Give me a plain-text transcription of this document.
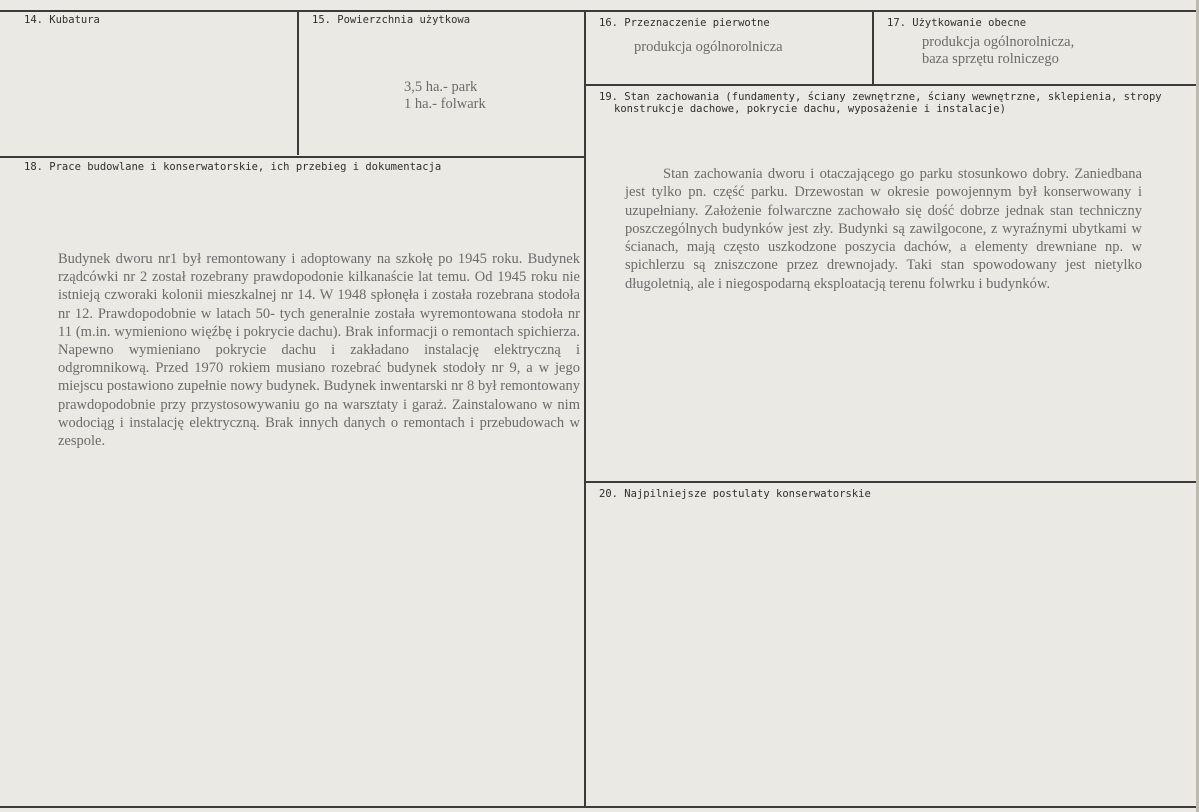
14. Kubatura	15. Powierzchnia użytkowa

3,5 ha.- park

1 ha.- folwark

16. Przeznaczenie pierwotne
produkcja ogólnorolnicza
17. Użytkowanie obecne

produkcja ogólnorolnicza,

baza sprzętu rolniczego

18. Prace budowlane i konserwatorskie, ich przebieg i dokumentacja
Budynek dworu nr1 był remontowany i adoptowany na szkołę po 1945 roku. Budynek rządcówki nr 2 został rozebrany prawdopodonie kilkanaście lat temu. Od 1945 roku nie istnieją czworaki kolonii mieszkalnej nr 14. W 1948 spłonęła i została rozebrana stodoła nr 12. Prawdopodobnie w latach 50- tych generalnie została wyremontowana stodoła nr 11 (m.in. wymieniono więźbę i pokrycie dachu). Brak informacji o remontach spichierza. Napewno wymieniano pokrycie dachu i zakładano instalację elektryczną i odgromnikową. Przed 1970 rokiem musiano rozebrać budynek stodoły nr 9, a w jego miejscu postawiono zupełnie nowy budynek. Budynek inwentarski nr 8 był remontowany prawdopodobnie przy przystosowywaniu go na warsztaty i garaż. Zainstalowano w nim wodociąg i instalację elektryczną. Brak innych danych o remontach i przebudowach w zespole.
19. Stan zachowania (fundamenty, ściany zewnętrzne, ściany wewnętrzne, sklepienia, stropy
konstrukcje dachowe, pokrycie dachu, wyposażenie i instalacje)
Stan zachowania dworu i otaczającego go parku stosunkowo dobry. Zaniedbana jest tylko pn. część parku. Drzewostan w okresie powojennym był konserwowany i uzupełniany. Założenie folwarczne zachowało się dość dobrze jednak stan techniczny poszczególnych budynków jest zły. Budynki są zawilgocone, z wyraźnymi ubytkami w ścianach, mają często uszkodzone poszycia dachów, a elementy drewniane np. w spichlerzu są zniszczone przez drewnojady. Taki stan spowodowany jest nietylko długoletnią, ale i niegospodarną eksploatacją terenu folwrku i budynków.
20. Najpilniejsze postulaty konserwatorskie
